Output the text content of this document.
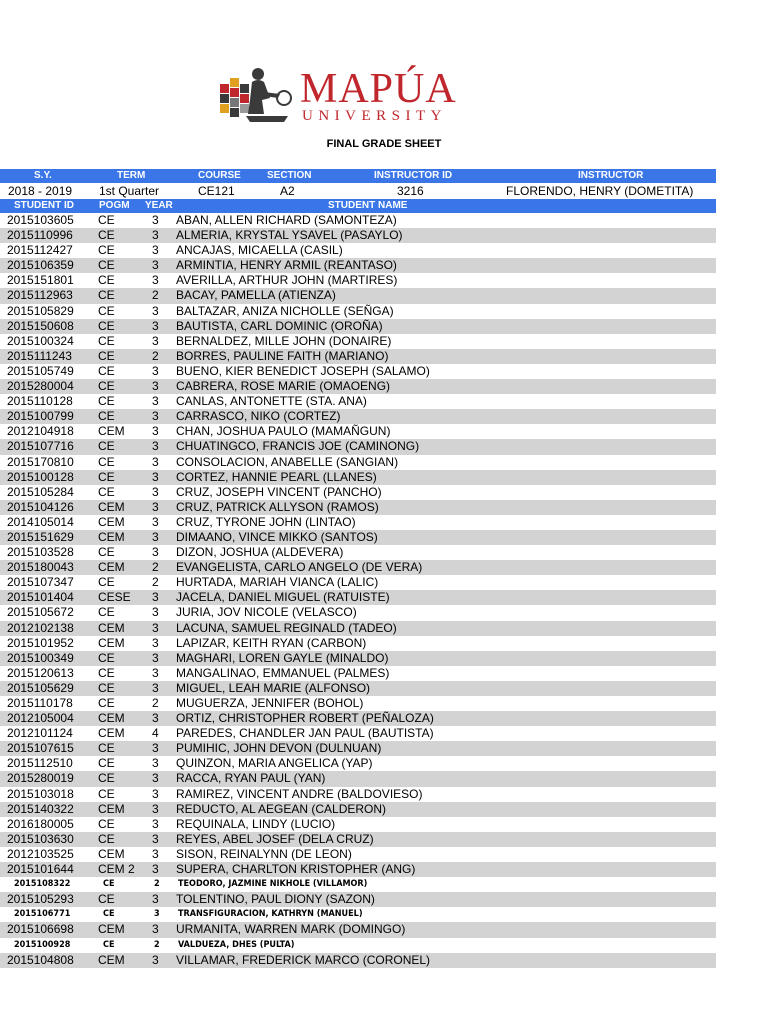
MAPÚA
UNIVERSITY
FINAL GRADE SHEET
S.Y.	TERM	COURSE	SECTION	INSTRUCTOR ID	INSTRUCTOR
2018 - 2019 1st Quarter	CE121	A2	3216	FLORENDO, HENRY (DOMETITA)
STUDENT ID	POGM YEAR	STUDENT NAME
2015103605 CE	3 ABAN, ALLEN RICHARD (SAMONTEZA)
2015110996 CE	3 ALMERIA, KRYSTAL YSAVEL (PASAYLO)
2015112427 CE	3 ANCAJAS, MICAELLA (CASIL)
2015106359 CE	3 ARMINTIA, HENRY ARMIL (REANTASO)
2015151801 CE	3 AVERILLA, ARTHUR JOHN (MARTIRES)
2015112963 CE	2 BACAY, PAMELLA (ATIENZA)
2015105829 CE	3 BALTAZAR, ANIZA NICHOLLE (SEÑGA)
2015150608 CE	3 BAUTISTA, CARL DOMINIC (OROÑA)
2015100324 CE	3 BERNALDEZ, MILLE JOHN (DONAIRE)
2015111243 CE	2 BORRES, PAULINE FAITH (MARIANO)
2015105749 CE	3 BUENO, KIER BENEDICT JOSEPH (SALAMO)
2015280004 CE	3 CABRERA, ROSE MARIE (OMAOENG)
2015110128 CE	3 CANLAS, ANTONETTE (STA. ANA)
2015100799 CE	3 CARRASCO, NIKO (CORTEZ)
2012104918 CEM 3 CHAN, JOSHUA PAULO (MAMAÑGUN)
2015107716 CE	3 CHUATINGCO, FRANCIS JOE (CAMINONG)
2015170810 CE	3 CONSOLACION, ANABELLE (SANGIAN)
2015100128 CE	3 CORTEZ, HANNIE PEARL (LLANES)
2015105284 CE	3 CRUZ, JOSEPH VINCENT (PANCHO)
2015104126 CEM 3 CRUZ, PATRICK ALLYSON (RAMOS)
2014105014 CEM 3 CRUZ, TYRONE JOHN (LINTAO)
2015151629 CEM 3 DIMAANO, VINCE MIKKO (SANTOS)
2015103528 CE	3 DIZON, JOSHUA (ALDEVERA)
2015180043 CEM 2 EVANGELISTA, CARLO ANGELO (DE VERA)
2015107347 CE	2 HURTADA, MARIAH VIANCA (LALIC)
2015101404 CESE 3 JACELA, DANIEL MIGUEL (RATUISTE)
2015105672 CE	3 JURIA, JOV NICOLE (VELASCO)
2012102138 CEM 3 LACUNA, SAMUEL REGINALD (TADEO)
2015101952 CEM 3 LAPIZAR, KEITH RYAN (CARBON)
2015100349 CE	3 MAGHARI, LOREN GAYLE (MINALDO)
2015120613 CE	3 MANGALINAO, EMMANUEL (PALMES)
2015105629 CE	3 MIGUEL, LEAH MARIE (ALFONSO)
2015110178 CE	2 MUGUERZA, JENNIFER (BOHOL)
2012105004 CEM 3 ORTIZ, CHRISTOPHER ROBERT (PEÑALOZA)
2012101124 CEM 4 PAREDES, CHANDLER JAN PAUL (BAUTISTA)
2015107615 CE	3 PUMIHIC, JOHN DEVON (DULNUAN)
2015112510 CE	3 QUINZON, MARIA ANGELICA (YAP)
2015280019 CE	3 RACCA, RYAN PAUL (YAN)
2015103018 CE	3 RAMIREZ, VINCENT ANDRE (BALDOVIESO)
2015140322 CEM 3 REDUCTO, AL AEGEAN (CALDERON)
2016180005 CE	3 REQUINALA, LINDY (LUCIO)
2015103630 CE	3 REYES, ABEL JOSEF (DELA CRUZ)
2012103525 CEM 3 SISON, REINALYNN (DE LEON)
2015101644 CEM 2 3 SUPERA, CHARLTON KRISTOPHER (ANG)
2015108322	CE	2 TEODORO, JAZMINE NIKHOLE (VILLAMOR)
2015105293 CE	3 TOLENTINO, PAUL DIONY (SAZON)
2015106771	CE	3 TRANSFIGURACION, KATHRYN (MANUEL)
2015106698 CEM 3 URMANITA, WARREN MARK (DOMINGO)
2015100928	CE	2 VALDUEZA, DHES (PULTA)
2015104808 CEM 3 VILLAMAR, FREDERICK MARCO (CORONEL)
